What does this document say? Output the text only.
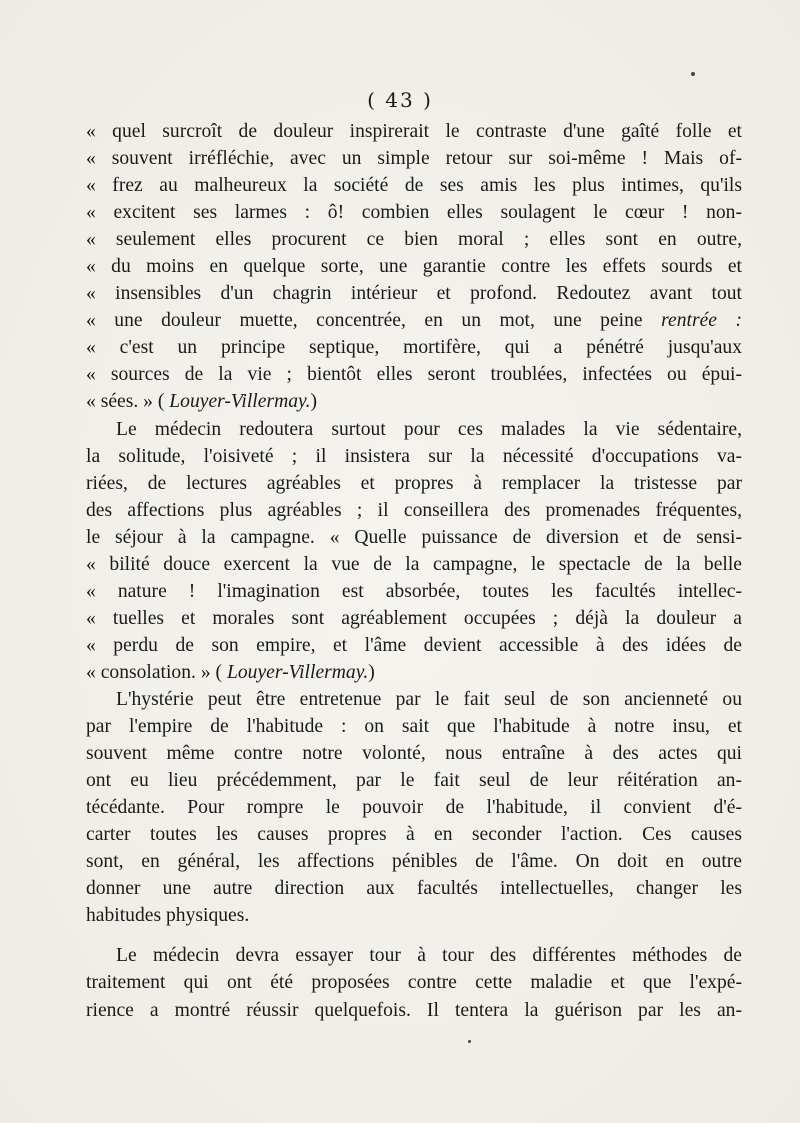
( 43 )
« quel surcroît de douleur inspirerait le contraste d'une gaîté folle et
« souvent irréfléchie, avec un simple retour sur soi-même ! Mais of-
« frez au malheureux la société de ses amis les plus intimes, qu'ils
« excitent ses larmes : ô! combien elles soulagent le cœur ! non-
« seulement elles procurent ce bien moral ; elles sont en outre,
« du moins en quelque sorte, une garantie contre les effets sourds et
« insensibles d'un chagrin intérieur et profond. Redoutez avant tout
« une douleur muette, concentrée, en un mot, une peine rentrée :
« c'est un principe septique, mortifère, qui a pénétré jusqu'aux
« sources de la vie ; bientôt elles seront troublées, infectées ou épui-
« sées. » ( Louyer-Villermay.)
Le médecin redoutera surtout pour ces malades la vie sédentaire,
la solitude, l'oisiveté ; il insistera sur la nécessité d'occupations va-
riées, de lectures agréables et propres à remplacer la tristesse par
des affections plus agréables ; il conseillera des promenades fréquentes,
le séjour à la campagne. « Quelle puissance de diversion et de sensi-
« bilité douce exercent la vue de la campagne, le spectacle de la belle
« nature ! l'imagination est absorbée, toutes les facultés intellec-
« tuelles et morales sont agréablement occupées ; déjà la douleur a
« perdu de son empire, et l'âme devient accessible à des idées de
« consolation. » ( Louyer-Villermay.)
L'hystérie peut être entretenue par le fait seul de son ancienneté ou
par l'empire de l'habitude : on sait que l'habitude à notre insu, et
souvent même contre notre volonté, nous entraîne à des actes qui
ont eu lieu précédemment, par le fait seul de leur réitération an-
técédante. Pour rompre le pouvoir de l'habitude, il convient d'é-
carter toutes les causes propres à en seconder l'action. Ces causes
sont, en général, les affections pénibles de l'âme. On doit en outre
donner une autre direction aux facultés intellectuelles, changer les
habitudes physiques.
Le médecin devra essayer tour à tour des différentes méthodes de
traitement qui ont été proposées contre cette maladie et que l'expé-
rience a montré réussir quelquefois. Il tentera la guérison par les an-
